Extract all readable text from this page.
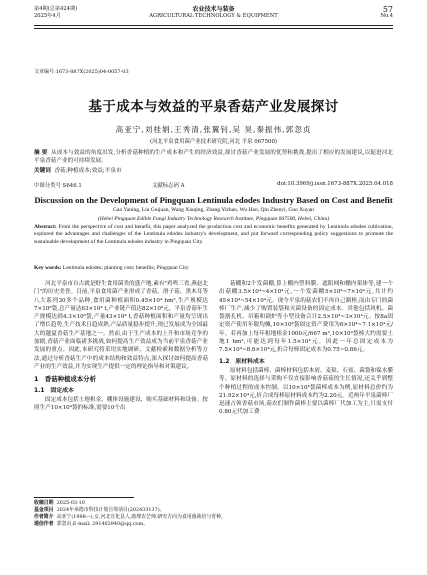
第4期(总第424期)
2025年4月
农业技术与装备
AGRICULTURAL TECHNOLOGY & EQUIPMENT
57
No.4
文章编号:1673-887X(2025)04-0057-03
基于成本与效益的平泉香菇产业发展探讨
高亚宁,刘桂娟,王秀清,张翼钊,吴 昊,秦振伟,郭忽贞
(河北平泉食用菌产业技术研究院,河北 平泉 067500)
摘 要 从成本与效益的角度出发,分析香菇种植的生产成本和产生的经济效益,探讨香菇产业发展的优势和挑战,提出了相应的发展建议,以促进河北平泉香菇产业的可持续发展。
关键词 香菇;种植成本;效益;平泉市
中图分类号 S646.1	文献标志码 A	doi:10.3969/j.issn.1673-887X.2025.04.018
Discussion on the Development of Pingquan Lentinula edodes Industry Based on Cost and Benefit
Gao Yaning, Liu Guijuan, Wang Xiuqing, Zhang Yizhao, Wu Hao, Qin Zhenyi, Guo Xuyan
(Hebei Pingquan Edible Fungi Industry Technology Research Institute, Pingquan 067500, Hebei, China)
Abstract: From the perspective of cost and benefit, this paper analyzed the production cost and economic benefits generated by Lentinula edodes cultivation, explored the advantages and challenges of the Lentinula edodes industry's development, and put forward corresponding policy suggestions to promote the sustainable development of the Lentinula edodes industry in Pingquan City.
Key words: Lentinula edodes; planting cost; benefits; Pingquan City

河北平泉市自古就是野生食用菌类的盛产地,素有"鸡鸣三省,燕赵北门"的历史美誉。目前,平泉食用菌产业形成了香菇、滑子菇、黑木耳等八大系列30多个品种,食用菌种植面积0.45×10⁴ hm²,生产规模达7×10⁸袋,总产量达63×10⁴ t,产业链产值达82×10⁸元。平泉香菇年生产规模达到4.3×10⁸袋,产量43×10⁴ t,香菇种植面积和产量均呈现出了增长趋势,生产技术日趋成熟,产品质量稳步提升,现已发展成为全国最大的越夏香菇生产基地之一。然而,由于生产成本的上升和市场竞争的加剧,香菇产业面临诸多挑战,如何提高生产效益成为当前平泉香菇产业发展的重点。因此,本研究将采用实地调研、文献检索和数据分析等方法,通过分析香菇生产中的成本结构和效益特点,深入探讨如何提高香菇产业的生产效益,并为实现生产提供一定的理论指导和对策建议。

1　香菇种植成本分析
1.1　固定成本

固定成本包括土地租金、棚体设施建设、购买基础材料和设备。按照生产10×10⁴袋的标准,需要10个出

菇棚和2个发菌棚,算上棚内塑料膜、遮阳网和棚内架体等,建一个出菇棚3.5×10⁴~4×10⁴元,一个发菌棚5×10⁴~7×10⁴元,共计约45×10⁴~54×10⁴元。现今平泉的菇农们不再自己制棒,而由专门的菌棒厂生产,减少了购置装袋和灭菌设备的固定成本。其他包括风机、菌袋割孔机、吊箱和锅炉等小型设备合计2.5×10⁴~3×10⁴元。按8a固定资产使用年限均摊,10×10⁴袋固定资产费用为6×10⁴~7.1×10⁴元/年。若再加上每年租地租金1000元/667 m²,10×10⁴袋棒大约需要土地1 hm²,可能达到每年1.5×10⁴元。因此一年总固定成本为7.5×10⁴~8.6×10⁴元,折合每棒固定成本为0.75~0.86元。

1.2　原材料成本

原材料包括菌棒、菌棒材料包括木屑、麦麸、石膏、菌袋和保水膜等。原材料的选择与采购不仅直接影响香菇菇的生长情况,还关乎到整个种植过程的成本控制。以10×10⁴袋菌棒成本为例,原材料总价约为21.92×10⁴元,折合成每棒原材料成本约为2.20元。近两年平泉菌棒厂迅速占领香菇市场,菇农们制作菌棒主要以菌棒厂代加工为主,只需支付0.80元代加工费

收稿日期 2025-03-10
基金项目 2024年承德市科技计划自筹项目(202433137)。
作者简介 高亚宁(1998—),女,河北宣化县人,助理农艺师,研究方向为食用菌栽培与育种。
通信作者 郭忽贞,E-mail: 291403940@qq.com。
